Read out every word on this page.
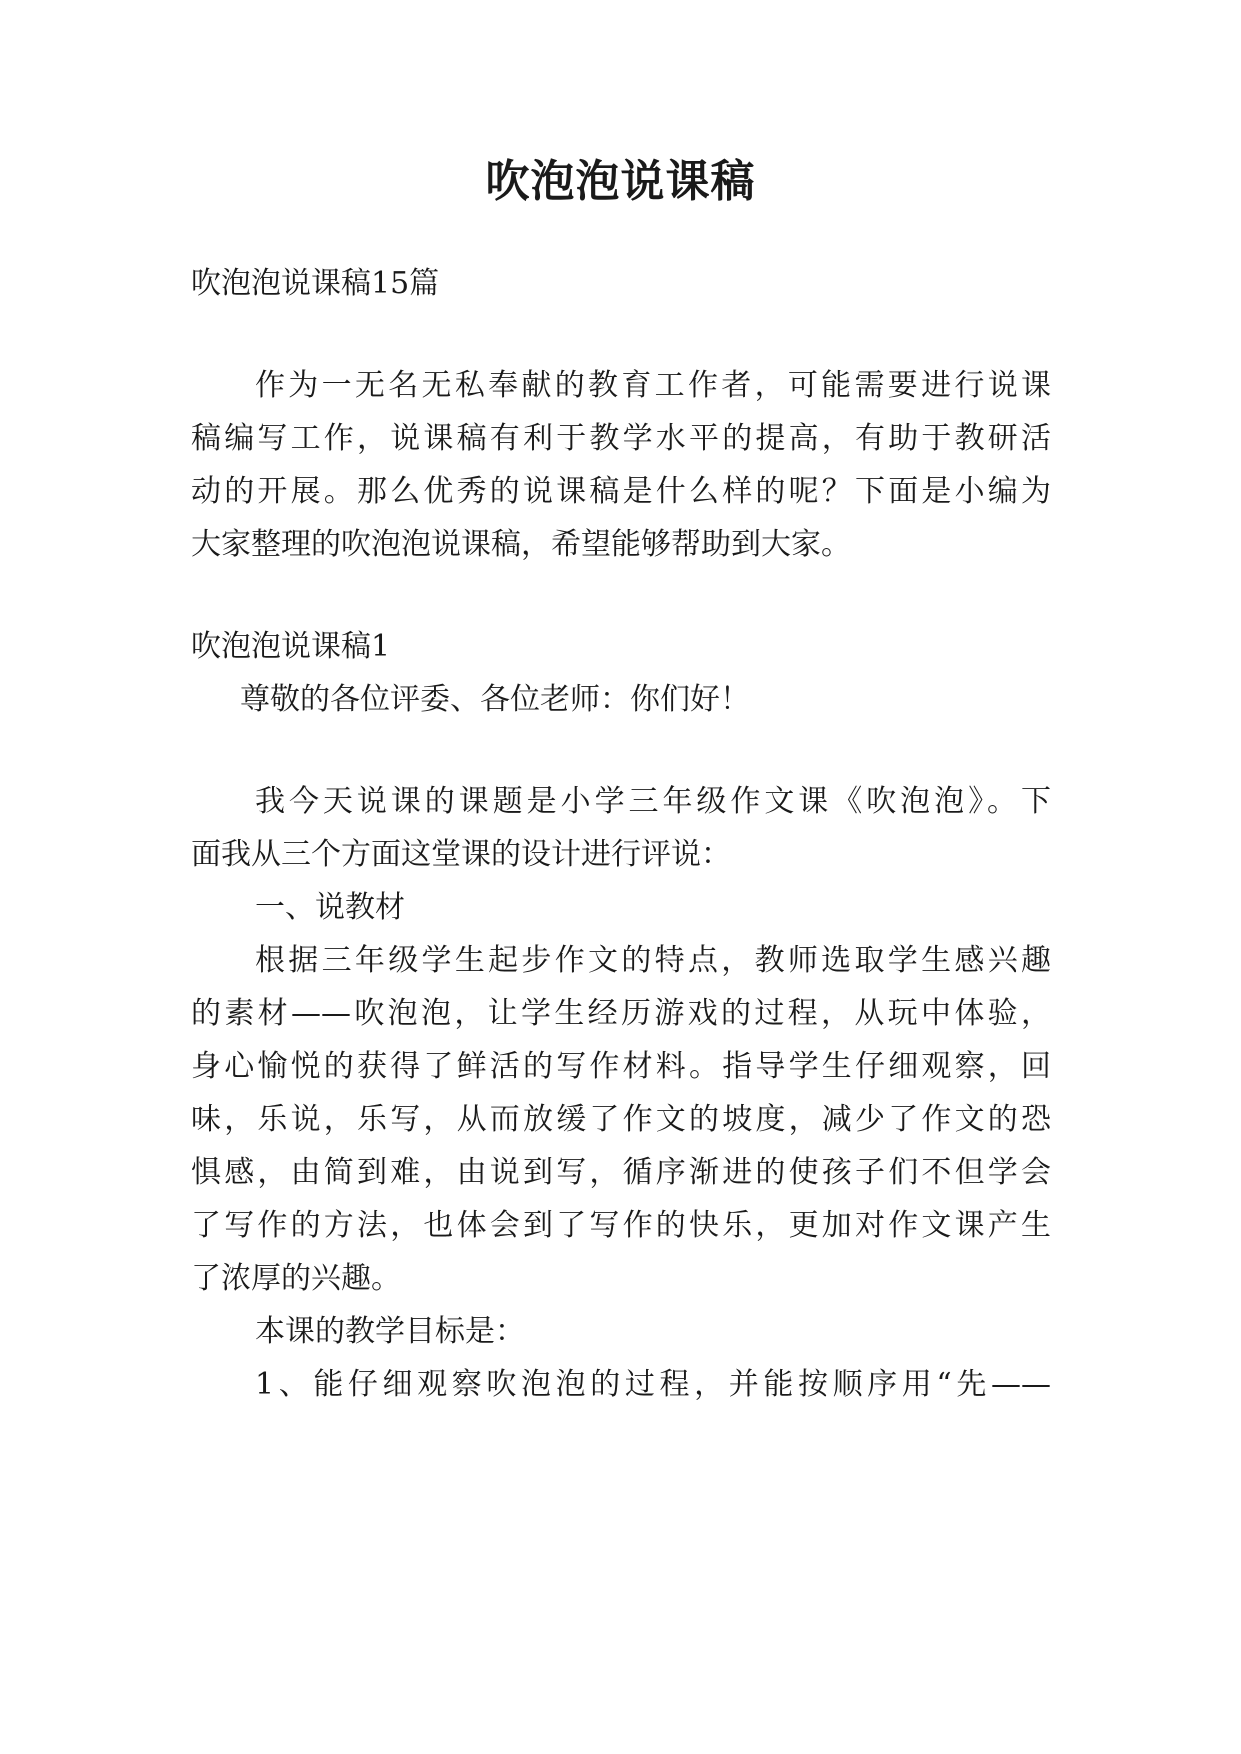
吹泡泡说课稿
吹泡泡说课稿15篇
作为一无名无私奉献的教育工作者，可能需要进行说课
稿编写工作，说课稿有利于教学水平的提高，有助于教研活
动的开展。那么优秀的说课稿是什么样的呢？下面是小编为
大家整理的吹泡泡说课稿，希望能够帮助到大家。
吹泡泡说课稿1
尊敬的各位评委、各位老师：你们好！
我今天说课的课题是小学三年级作文课《吹泡泡》。下
面我从三个方面这堂课的设计进行评说：
一、说教材
根据三年级学生起步作文的特点，教师选取学生感兴趣
的素材——吹泡泡，让学生经历游戏的过程，从玩中体验，
身心愉悦的获得了鲜活的写作材料。指导学生仔细观察，回
味，乐说，乐写，从而放缓了作文的坡度，减少了作文的恐
惧感，由简到难，由说到写，循序渐进的使孩子们不但学会
了写作的方法，也体会到了写作的快乐，更加对作文课产生
了浓厚的兴趣。
本课的教学目标是：
1、能仔细观察吹泡泡的过程，并能按顺序用“先——
